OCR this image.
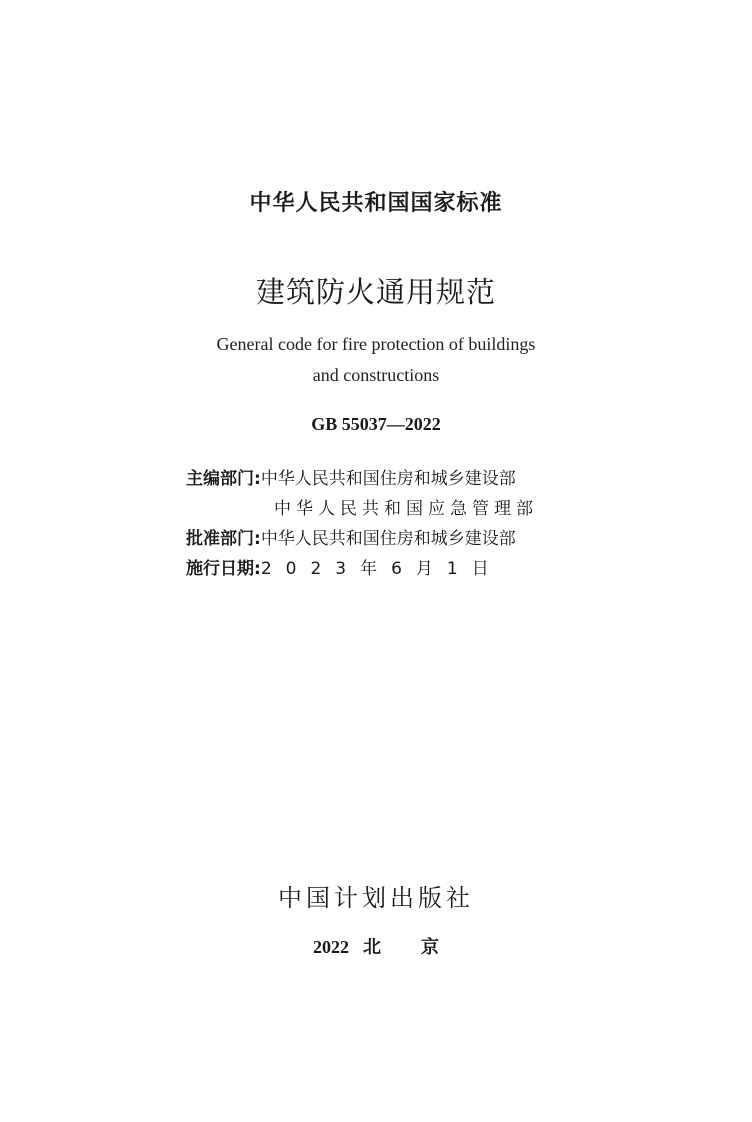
中华人民共和国国家标准
建筑防火通用规范
General code for fire protection of buildings
and constructions
GB 55037—2022
主编部门:中华人民共和国住房和城乡建设部
中华人民共和国应急管理部
批准部门:中华人民共和国住房和城乡建设部
施行日期:2023年6月1日
中国计划出版社
2022 北 京
